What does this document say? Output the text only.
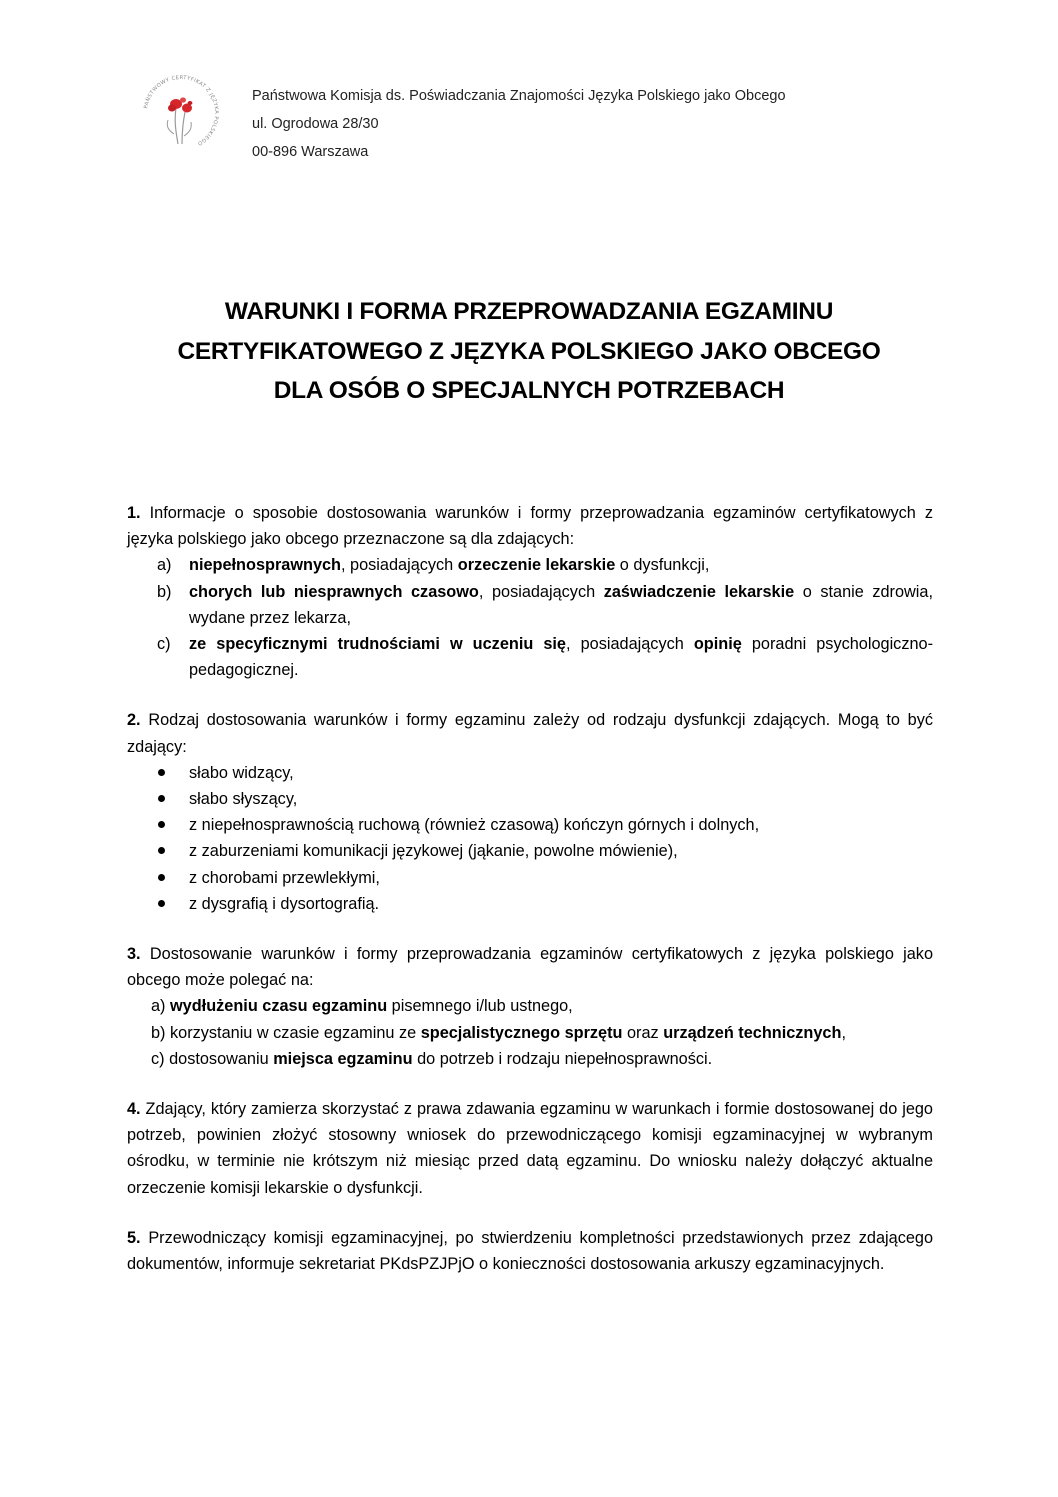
PAŃSTWOWY CERTYFIKAT Z JĘZYKA POLSKIEGO
Państwowa Komisja ds. Poświadczania Znajomości Języka Polskiego jako Obcego
ul. Ogrodowa 28/30
00-896 Warszawa
WARUNKI I FORMA PRZEPROWADZANIA EGZAMINU
CERTYFIKATOWEGO Z JĘZYKA POLSKIEGO JAKO OBCEGO
DLA OSÓB O SPECJALNYCH POTRZEBACH
1. Informacje o sposobie dostosowania warunków i formy przeprowadzania egzaminów certyfikatowych z języka polskiego jako obcego przeznaczone są dla zdających:
a) niepełnosprawnych, posiadających orzeczenie lekarskie o dysfunkcji,
b) chorych lub niesprawnych czasowo, posiadających zaświadczenie lekarskie o stanie zdrowia, wydane przez lekarza,
c) ze specyficznymi trudnościami w uczeniu się, posiadających opinię poradni psychologiczno-pedagogicznej.
2. Rodzaj dostosowania warunków i formy egzaminu zależy od rodzaju dysfunkcji zdających. Mogą to być zdający:
słabo widzący,
słabo słyszący,
z niepełnosprawnością ruchową (również czasową) kończyn górnych i dolnych,
z zaburzeniami komunikacji językowej (jąkanie, powolne mówienie),
z chorobami przewlekłymi,
z dysgrafią i dysortografią.
3. Dostosowanie warunków i formy przeprowadzania egzaminów certyfikatowych z języka polskiego jako obcego może polegać na:
a) wydłużeniu czasu egzaminu pisemnego i/lub ustnego,
b) korzystaniu w czasie egzaminu ze specjalistycznego sprzętu oraz urządzeń technicznych,
c) dostosowaniu miejsca egzaminu do potrzeb i rodzaju niepełnosprawności.
4. Zdający, który zamierza skorzystać z prawa zdawania egzaminu w warunkach i formie dostosowanej do jego potrzeb, powinien złożyć stosowny wniosek do przewodniczącego komisji egzaminacyjnej w wybranym ośrodku, w terminie nie krótszym niż miesiąc przed datą egzaminu. Do wniosku należy dołączyć aktualne orzeczenie komisji lekarskie o dysfunkcji.
5. Przewodniczący komisji egzaminacyjnej, po stwierdzeniu kompletności przedstawionych przez zdającego dokumentów, informuje sekretariat PKdsPZJPjO o konieczności dostosowania arkuszy egzaminacyjnych.
